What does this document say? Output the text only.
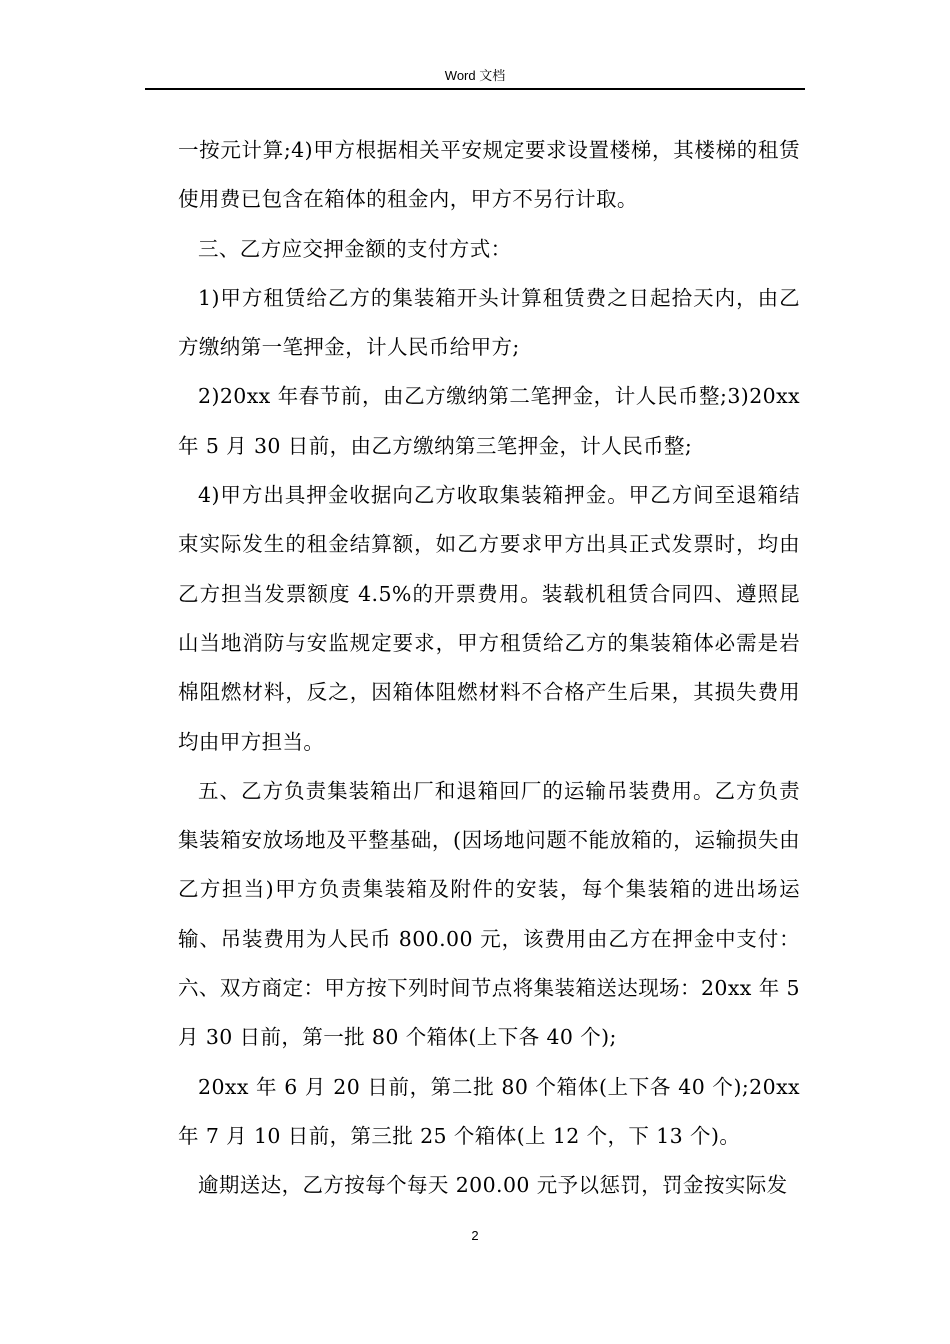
Word 文档

一按元计算;4)甲方根据相关平安规定要求设置楼梯，其楼梯的租赁使用费已包含在箱体的租金内，甲方不另行计取。

三、乙方应交押金额的支付方式：

1)甲方租赁给乙方的集装箱开头计算租赁费之日起拾天内，由乙方缴纳第一笔押金，计人民币给甲方;

2)20xx 年春节前，由乙方缴纳第二笔押金，计人民币整;3)20xx 年 5 月 30 日前，由乙方缴纳第三笔押金，计人民币整;

4)甲方出具押金收据向乙方收取集装箱押金。甲乙方间至退箱结束实际发生的租金结算额，如乙方要求甲方出具正式发票时，均由乙方担当发票额度 4.5%的开票费用。装载机租赁合同四、遵照昆山当地消防与安监规定要求，甲方租赁给乙方的集装箱体必需是岩棉阻燃材料，反之，因箱体阻燃材料不合格产生后果，其损失费用均由甲方担当。

五、乙方负责集装箱出厂和退箱回厂的运输吊装费用。乙方负责集装箱安放场地及平整基础，(因场地问题不能放箱的，运输损失由乙方担当)甲方负责集装箱及附件的安装，每个集装箱的进出场运输、吊装费用为人民币 800.00 元，该费用由乙方在押金中支付：六、双方商定：甲方按下列时间节点将集装箱送达现场：20xx 年 5 月 30 日前，第一批 80 个箱体(上下各 40 个);

20xx 年 6 月 20 日前，第二批 80 个箱体(上下各 40 个);20xx 年 7 月 10 日前，第三批 25 个箱体(上 12 个，下 13 个)。

逾期送达，乙方按每个每天 200.00 元予以惩罚，罚金按实际发

2
